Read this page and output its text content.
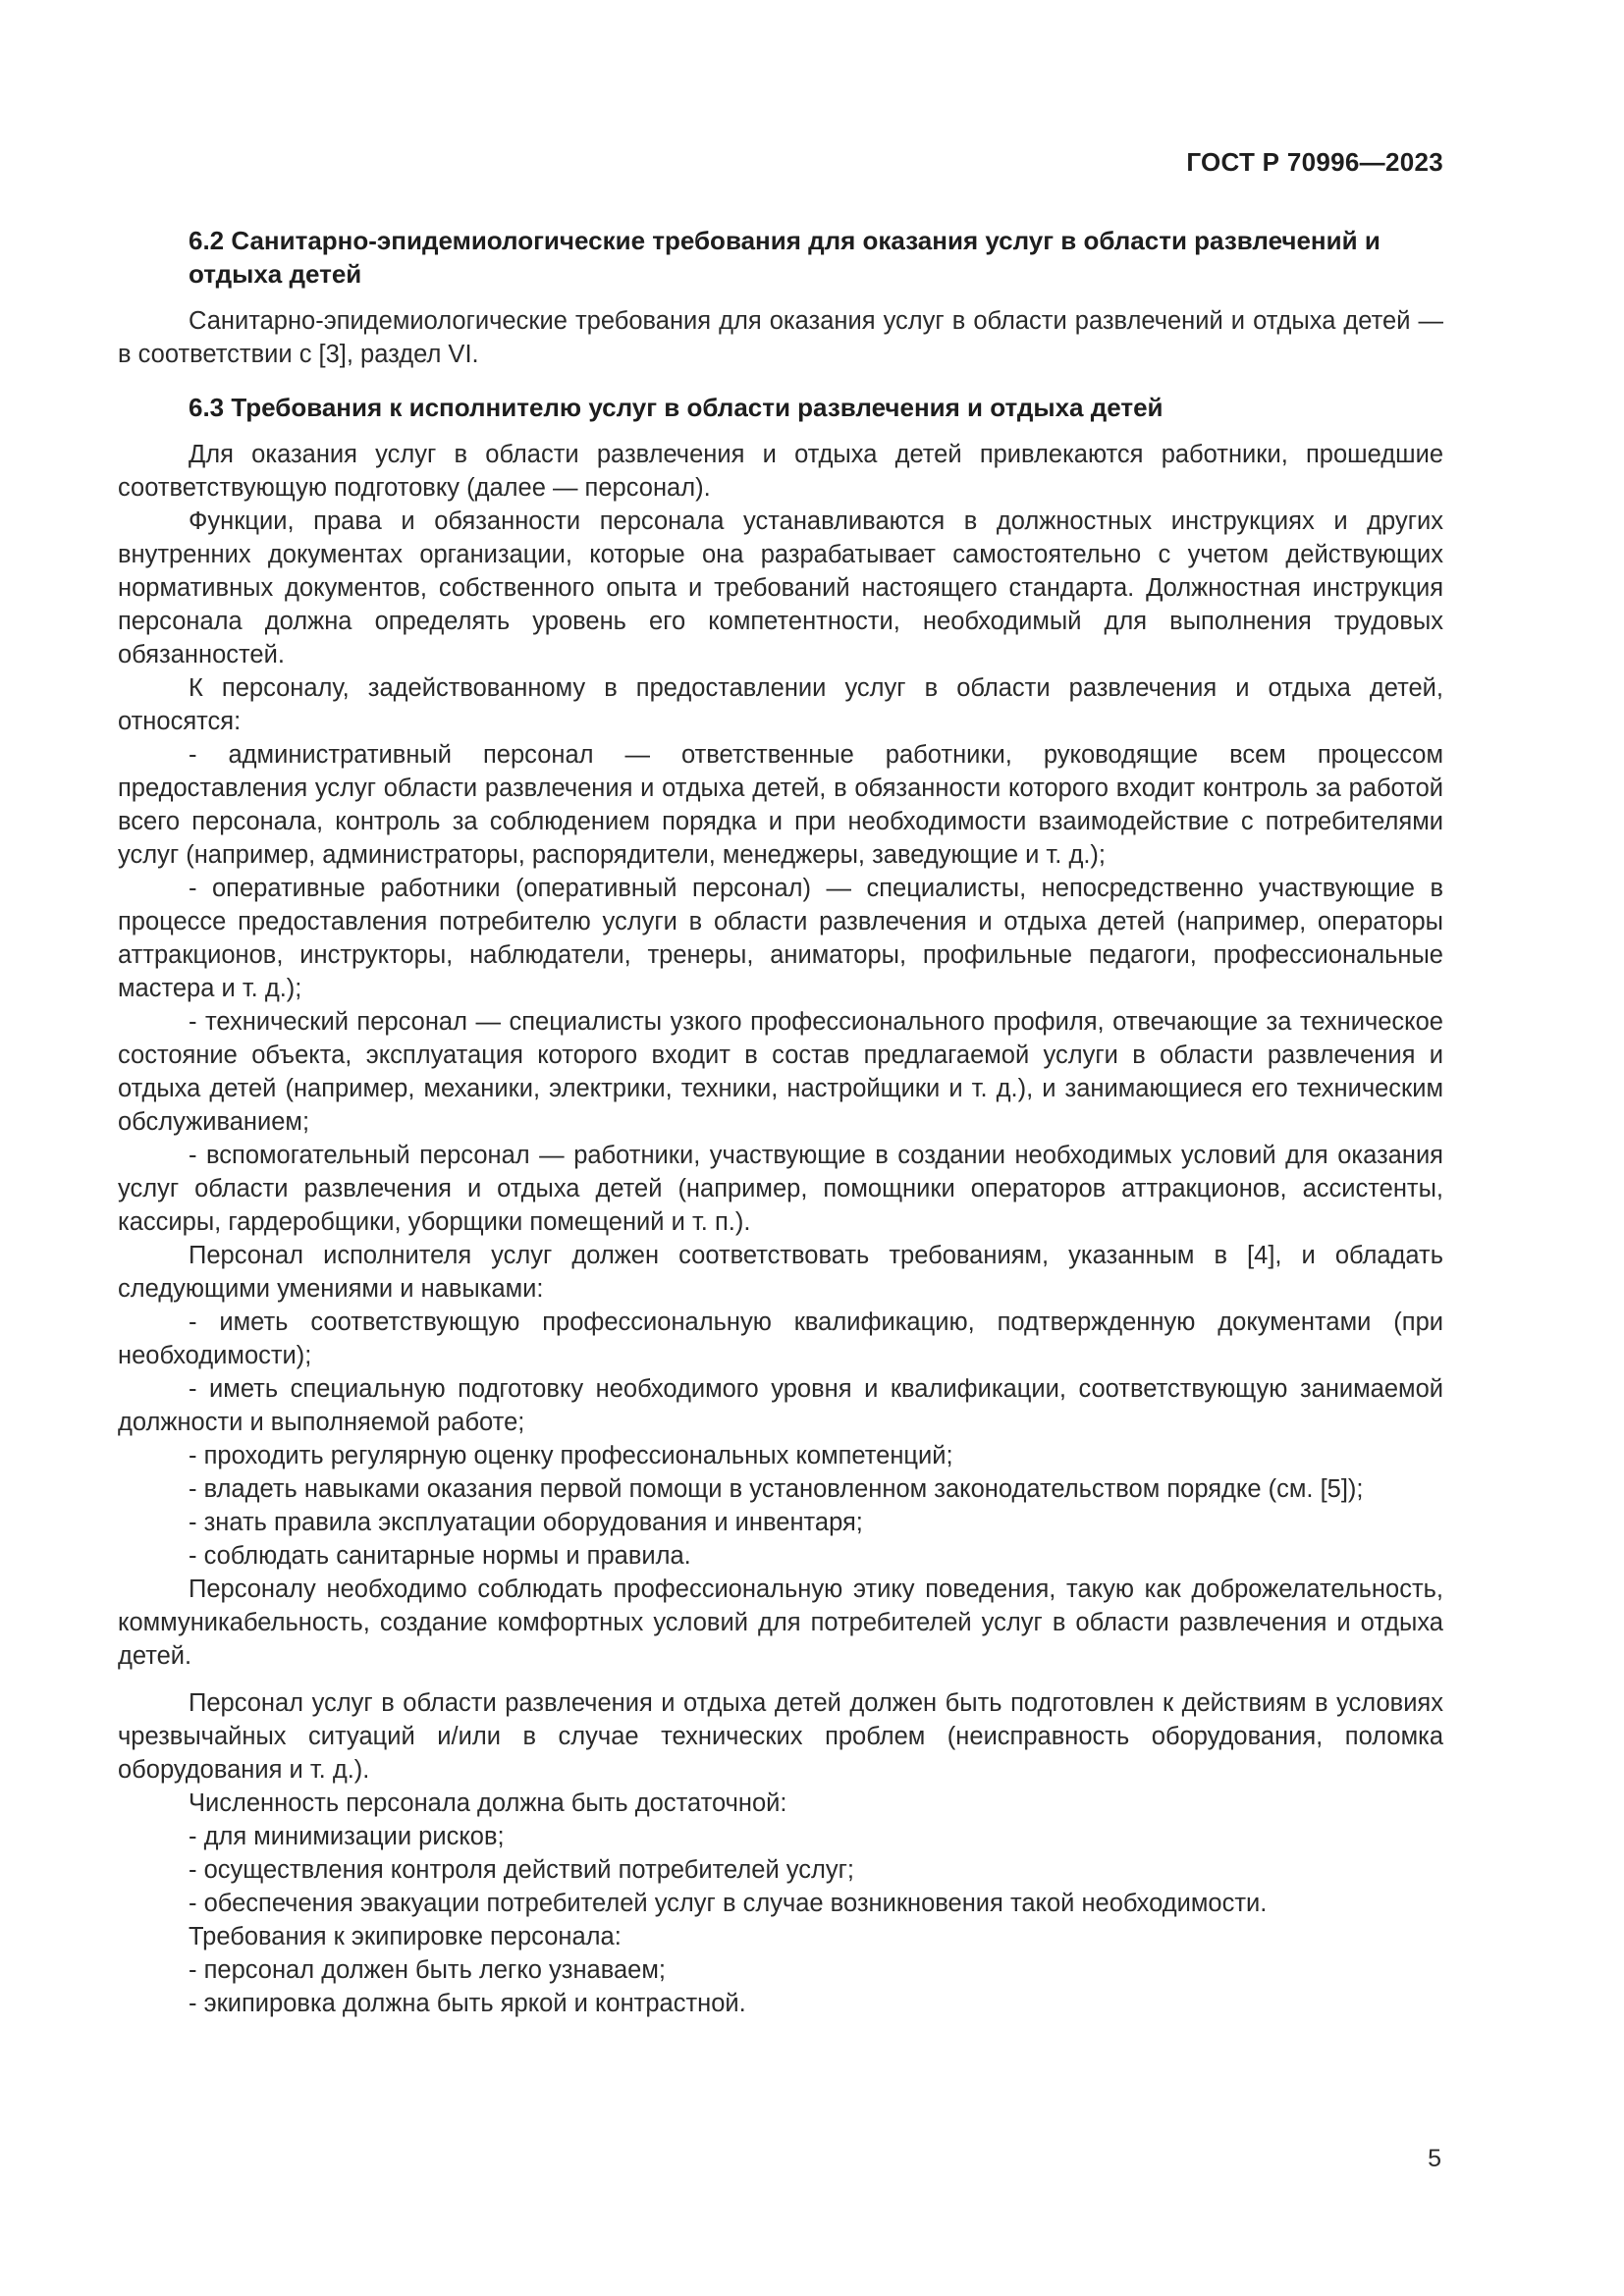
ГОСТ Р 70996—2023
6.2 Санитарно-эпидемиологические требования для оказания услуг в области развлечений и отдыха детей

Санитарно-эпидемиологические требования для оказания услуг в области развлечений и отдыха детей — в соответствии с [3], раздел VI.

6.3 Требования к исполнителю услуг в области развлечения и отдыха детей

Для оказания услуг в области развлечения и отдыха детей привлекаются работники, прошедшие соответствующую подготовку (далее — персонал).

Функции, права и обязанности персонала устанавливаются в должностных инструкциях и других внутренних документах организации, которые она разрабатывает самостоятельно с учетом действующих нормативных документов, собственного опыта и требований настоящего стандарта. Должностная инструкция персонала должна определять уровень его компетентности, необходимый для выполнения трудовых обязанностей.

К персоналу, задействованному в предоставлении услуг в области развлечения и отдыха детей, относятся:

- административный персонал — ответственные работники, руководящие всем процессом предоставления услуг области развлечения и отдыха детей, в обязанности которого входит контроль за работой всего персонала, контроль за соблюдением порядка и при необходимости взаимодействие с потребителями услуг (например, администраторы, распорядители, менеджеры, заведующие и т. д.);

- оперативные работники (оперативный персонал) — специалисты, непосредственно участвующие в процессе предоставления потребителю услуги в области развлечения и отдыха детей (например, операторы аттракционов, инструкторы, наблюдатели, тренеры, аниматоры, профильные педагоги, профессиональные мастера и т. д.);

- технический персонал — специалисты узкого профессионального профиля, отвечающие за техническое состояние объекта, эксплуатация которого входит в состав предлагаемой услуги в области развлечения и отдыха детей (например, механики, электрики, техники, настройщики и т. д.), и занимающиеся его техническим обслуживанием;

- вспомогательный персонал — работники, участвующие в создании необходимых условий для оказания услуг области развлечения и отдыха детей (например, помощники операторов аттракционов, ассистенты, кассиры, гардеробщики, уборщики помещений и т. п.).

Персонал исполнителя услуг должен соответствовать требованиям, указанным в [4], и обладать следующими умениями и навыками:

- иметь соответствующую профессиональную квалификацию, подтвержденную документами (при необходимости);

- иметь специальную подготовку необходимого уровня и квалификации, соответствующую занимаемой должности и выполняемой работе;

- проходить регулярную оценку профессиональных компетенций;

- владеть навыками оказания первой помощи в установленном законодательством порядке (см. [5]);

- знать правила эксплуатации оборудования и инвентаря;

- соблюдать санитарные нормы и правила.

Персоналу необходимо соблюдать профессиональную этику поведения, такую как доброжелательность, коммуникабельность, создание комфортных условий для потребителей услуг в области развлечения и отдыха детей.

Персонал услуг в области развлечения и отдыха детей должен быть подготовлен к действиям в условиях чрезвычайных ситуаций и/или в случае технических проблем (неисправность оборудования, поломка оборудования и т. д.).

Численность персонала должна быть достаточной:

- для минимизации рисков;

- осуществления контроля действий потребителей услуг;

- обеспечения эвакуации потребителей услуг в случае возникновения такой необходимости.

Требования к экипировке персонала:

- персонал должен быть легко узнаваем;

- экипировка должна быть яркой и контрастной.

5
